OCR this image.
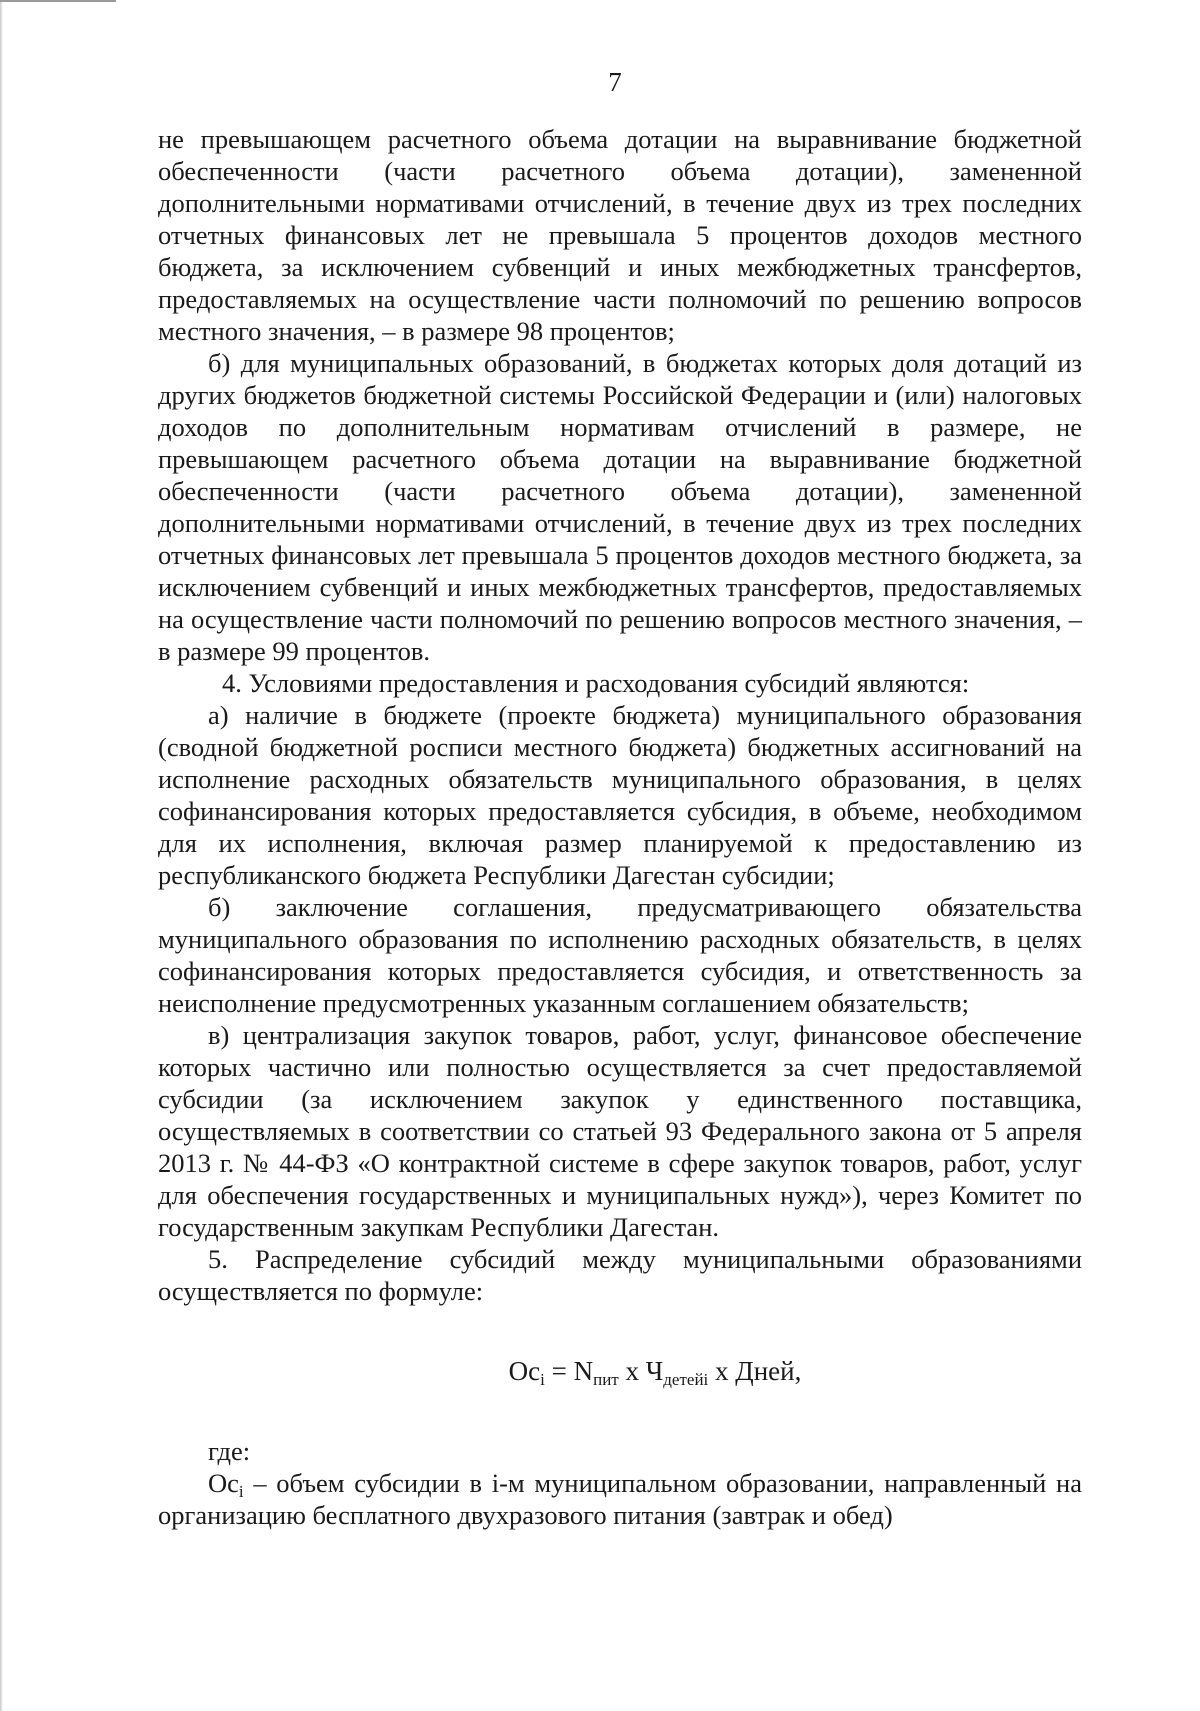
7

не превышающем расчетного объема дотации на выравнивание бюджетной обеспеченности (части расчетного объема дотации), замененной дополнительными нормативами отчислений, в течение двух из трех последних отчетных финансовых лет не превышала 5 процентов доходов местного бюджета, за исключением субвенций и иных межбюджетных трансфертов, предоставляемых на осуществление части полномочий по решению вопросов местного значения, – в размере 98 процентов;

б) для муниципальных образований, в бюджетах которых доля дотаций из других бюджетов бюджетной системы Российской Федерации и (или) налоговых доходов по дополнительным нормативам отчислений в размере, не превышающем расчетного объема дотации на выравнивание бюджетной обеспеченности (части расчетного объема дотации), замененной дополнительными нормативами отчислений, в течение двух из трех последних отчетных финансовых лет превышала 5 процентов доходов местного бюджета, за исключением субвенций и иных межбюджетных трансфертов, предоставляемых на осуществление части полномочий по решению вопросов местного значения, – в размере 99 процентов.

4. Условиями предоставления и расходования субсидий являются:

а) наличие в бюджете (проекте бюджета) муниципального образования (сводной бюджетной росписи местного бюджета) бюджетных ассигнований на исполнение расходных обязательств муниципального образования, в целях софинансирования которых предоставляется субсидия, в объеме, необходимом для их исполнения, включая размер планируемой к предоставлению из республиканского бюджета Республики Дагестан субсидии;

б) заключение соглашения, предусматривающего обязательства муниципального образования по исполнению расходных обязательств, в целях софинансирования которых предоставляется субсидия, и ответственность за неисполнение предусмотренных указанным соглашением обязательств;

в) централизация закупок товаров, работ, услуг, финансовое обеспечение которых частично или полностью осуществляется за счет предоставляемой субсидии (за исключением закупок у единственного поставщика, осуществляемых в соответствии со статьей 93 Федерального закона от 5 апреля 2013 г. № 44-ФЗ «О контрактной системе в сфере закупок товаров, работ, услуг для обеспечения государственных и муниципальных нужд»), через Комитет по государственным закупкам Республики Дагестан.

5. Распределение субсидий между муниципальными образованиями осуществляется по формуле:

$Ос_i = N_{пит}$ x $Ч_{детейi}$ x Дней,

где:

$Ос_i$ – объем субсидии в i-м муниципальном образовании, направленный на организацию бесплатного двухразового питания (завтрак и обед)
